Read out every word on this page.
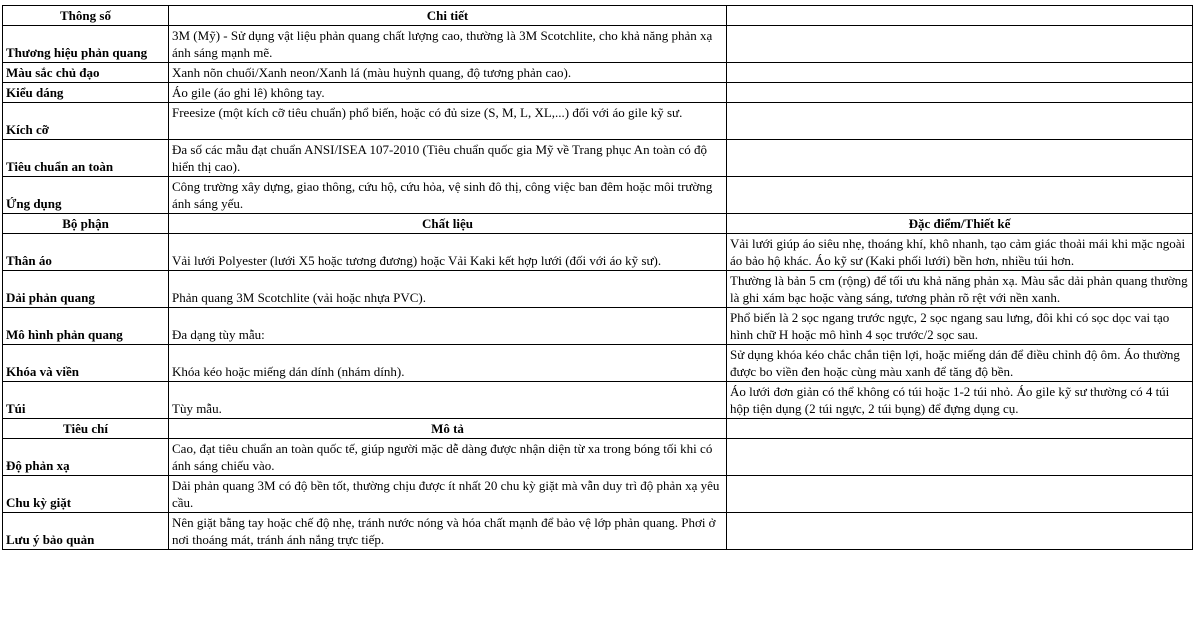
Thông số	Chi tiết	
Thương hiệu phản quang	3M (Mỹ) - Sử dụng vật liệu phản quang chất lượng cao, thường là 3M Scotchlite, cho khả năng phản xạ ánh sáng mạnh mẽ.	
Màu sắc chủ đạo	Xanh nõn chuối/Xanh neon/Xanh lá (màu huỳnh quang, độ tương phản cao).	
Kiểu dáng	Áo gile (áo ghi lê) không tay.	
Kích cỡ	Freesize (một kích cỡ tiêu chuẩn) phổ biến, hoặc có đủ size (S, M, L, XL,...) đối với áo gile kỹ sư.	
Tiêu chuẩn an toàn	Đa số các mẫu đạt chuẩn ANSI/ISEA 107-2010 (Tiêu chuẩn quốc gia Mỹ về Trang phục An toàn có độ hiển thị cao).	
Ứng dụng	Công trường xây dựng, giao thông, cứu hộ, cứu hỏa, vệ sinh đô thị, công việc ban đêm hoặc môi trường ánh sáng yếu.	
Bộ phận	Chất liệu	Đặc điểm/Thiết kế
Thân áo	Vải lưới Polyester (lưới X5 hoặc tương đương) hoặc Vải Kaki kết hợp lưới (đối với áo kỹ sư).	Vải lưới giúp áo siêu nhẹ, thoáng khí, khô nhanh, tạo cảm giác thoải mái khi mặc ngoài áo bảo hộ khác. Áo kỹ sư (Kaki phối lưới) bền hơn, nhiều túi hơn.
Dải phản quang	Phản quang 3M Scotchlite (vải hoặc nhựa PVC).	Thường là bản 5 cm (rộng) để tối ưu khả năng phản xạ. Màu sắc dải phản quang thường là ghi xám bạc hoặc vàng sáng, tương phản rõ rệt với nền xanh.
Mô hình phản quang	Đa dạng tùy mẫu:	Phổ biến là 2 sọc ngang trước ngực, 2 sọc ngang sau lưng, đôi khi có sọc dọc vai tạo hình chữ H hoặc mô hình 4 sọc trước/2 sọc sau.
Khóa và viền	Khóa kéo hoặc miếng dán dính (nhám dính).	Sử dụng khóa kéo chắc chắn tiện lợi, hoặc miếng dán để điều chỉnh độ ôm. Áo thường được bo viền đen hoặc cùng màu xanh để tăng độ bền.
Túi	Tùy mẫu.	Áo lưới đơn giản có thể không có túi hoặc 1-2 túi nhỏ. Áo gile kỹ sư thường có 4 túi hộp tiện dụng (2 túi ngực, 2 túi bụng) để đựng dụng cụ.
Tiêu chí	Mô tả	
Độ phản xạ	Cao, đạt tiêu chuẩn an toàn quốc tế, giúp người mặc dễ dàng được nhận diện từ xa trong bóng tối khi có ánh sáng chiếu vào.	
Chu kỳ giặt	Dải phản quang 3M có độ bền tốt, thường chịu được ít nhất 20 chu kỳ giặt mà vẫn duy trì độ phản xạ yêu cầu.	
Lưu ý bảo quản	Nên giặt bằng tay hoặc chế độ nhẹ, tránh nước nóng và hóa chất mạnh để bảo vệ lớp phản quang. Phơi ở nơi thoáng mát, tránh ánh nắng trực tiếp.	
